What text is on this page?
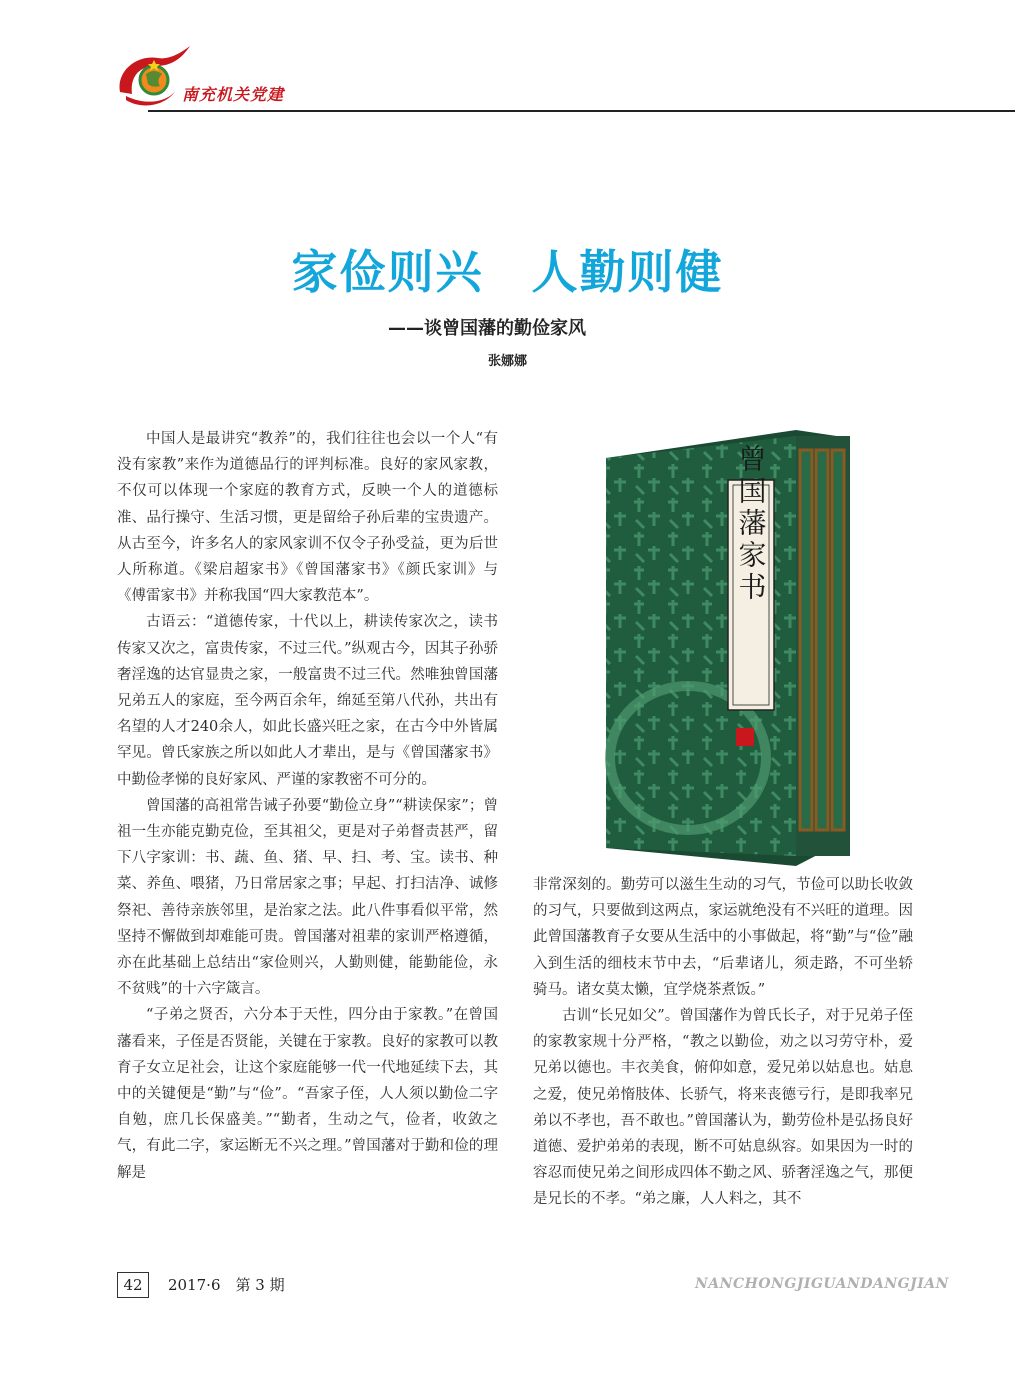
南充机关党建
家俭则兴　人勤则健
——谈曾国藩的勤俭家风
张娜娜

中国人是最讲究“教养”的，我们往往也会以一个人“有没有家教”来作为道德品行的评判标准。良好的家风家教，不仅可以体现一个家庭的教育方式，反映一个人的道德标准、品行操守、生活习惯，更是留给子孙后辈的宝贵遗产。从古至今，许多名人的家风家训不仅令子孙受益，更为后世人所称道。《梁启超家书》《曾国藩家书》《颜氏家训》与《傅雷家书》并称我国“四大家教范本”。

古语云：“道德传家，十代以上，耕读传家次之，读书传家又次之，富贵传家，不过三代。”纵观古今，因其子孙骄奢淫逸的达官显贵之家，一般富贵不过三代。然唯独曾国藩兄弟五人的家庭，至今两百余年，绵延至第八代孙，共出有名望的人才240余人，如此长盛兴旺之家，在古今中外皆属罕见。曾氏家族之所以如此人才辈出，是与《曾国藩家书》中勤俭孝悌的良好家风、严谨的家教密不可分的。

曾国藩的高祖常告诫子孙要“勤俭立身”“耕读保家”；曾祖一生亦能克勤克俭，至其祖父，更是对子弟督责甚严，留下八字家训：书、蔬、鱼、猪、早、扫、考、宝。读书、种菜、养鱼、喂猪，乃日常居家之事；早起、打扫洁净、诚修祭祀、善待亲族邻里，是治家之法。此八件事看似平常，然坚持不懈做到却难能可贵。曾国藩对祖辈的家训严格遵循，亦在此基础上总结出“家俭则兴，人勤则健，能勤能俭，永不贫贱”的十六字箴言。

“子弟之贤否，六分本于天性，四分由于家教。”在曾国藩看来，子侄是否贤能，关键在于家教。良好的家教可以教育子女立足社会，让这个家庭能够一代一代地延续下去，其中的关键便是“勤”与“俭”。“吾家子侄，人人须以勤俭二字自勉，庶几长保盛美。”“勤者，生动之气，俭者，收敛之气，有此二字，家运断无不兴之理。”曾国藩对于勤和俭的理解是

曾国藩家书

非常深刻的。勤劳可以滋生生动的习气，节俭可以助长收敛的习气，只要做到这两点，家运就绝没有不兴旺的道理。因此曾国藩教育子女要从生活中的小事做起，将“勤”与“俭”融入到生活的细枝末节中去，“后辈诸儿，须走路，不可坐轿骑马。诸女莫太懒，宜学烧茶煮饭。”

古训“长兄如父”。曾国藩作为曾氏长子，对于兄弟子侄的家教家规十分严格，“教之以勤俭，劝之以习劳守朴，爱兄弟以德也。丰衣美食，俯仰如意，爱兄弟以姑息也。姑息之爱，使兄弟惰肢体、长骄气，将来丧德亏行，是即我率兄弟以不孝也，吾不敢也。”曾国藩认为，勤劳俭朴是弘扬良好道德、爱护弟弟的表现，断不可姑息纵容。如果因为一时的容忍而使兄弟之间形成四体不勤之风、骄奢淫逸之气，那便是兄长的不孝。“弟之廉，人人料之，其不

42	2017·6　第 3 期	NANCHONGJIGUANDANGJIAN
